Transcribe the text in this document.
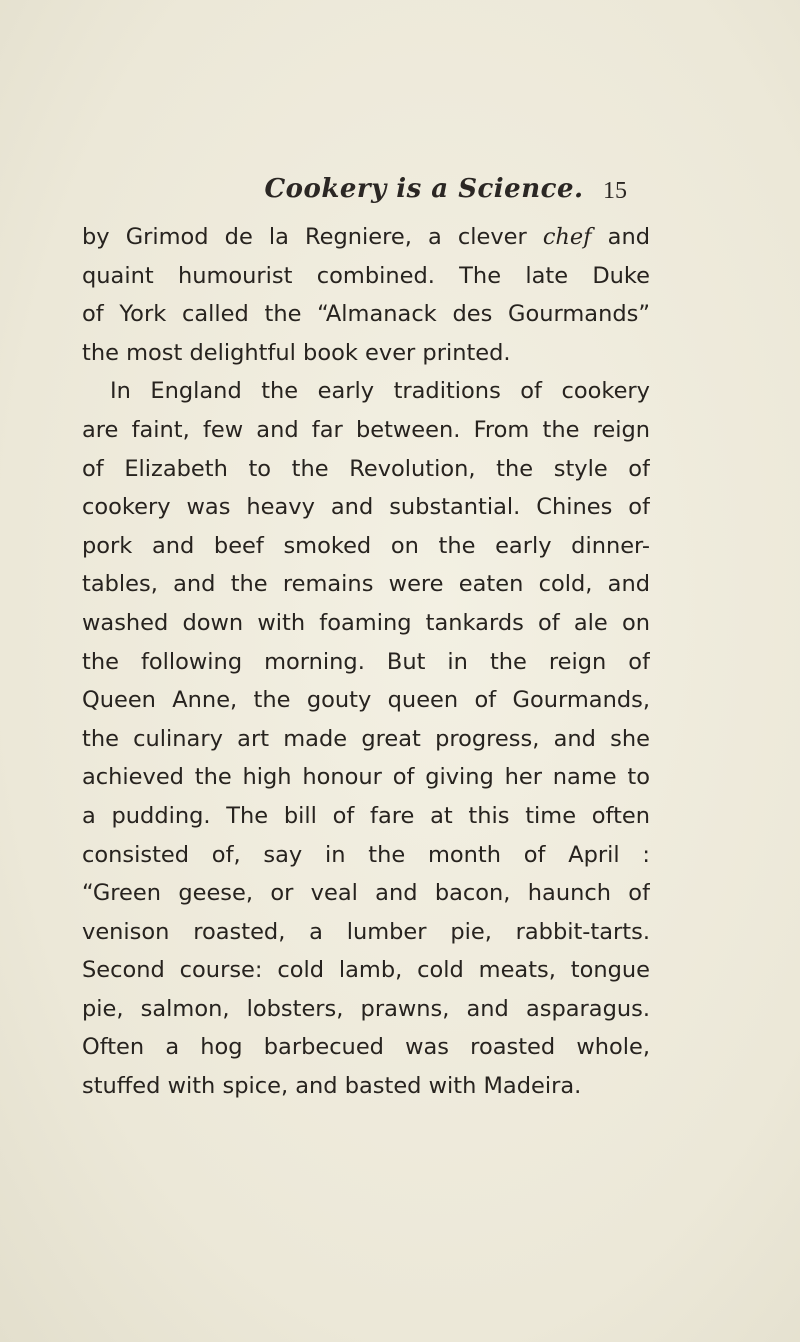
Cookery is a Science. 15
by Grimod de la Regniere, a clever chef and
quaint humourist combined. The late Duke
of York called the “Almanack des Gourmands”
the most delightful book ever printed.
In England the early traditions of cookery
are faint, few and far between. From the reign
of Elizabeth to the Revolution, the style of
cookery was heavy and substantial. Chines of
pork and beef smoked on the early dinner-
tables, and the remains were eaten cold, and
washed down with foaming tankards of ale on
the following morning. But in the reign of
Queen Anne, the gouty queen of Gourmands,
the culinary art made great progress, and she
achieved the high honour of giving her name to
a pudding. The bill of fare at this time often
consisted of, say in the month of April :
“Green geese, or veal and bacon, haunch of
venison roasted, a lumber pie, rabbit-tarts.
Second course: cold lamb, cold meats, tongue
pie, salmon, lobsters, prawns, and asparagus.
Often a hog barbecued was roasted whole,
stuffed with spice, and basted with Madeira.
